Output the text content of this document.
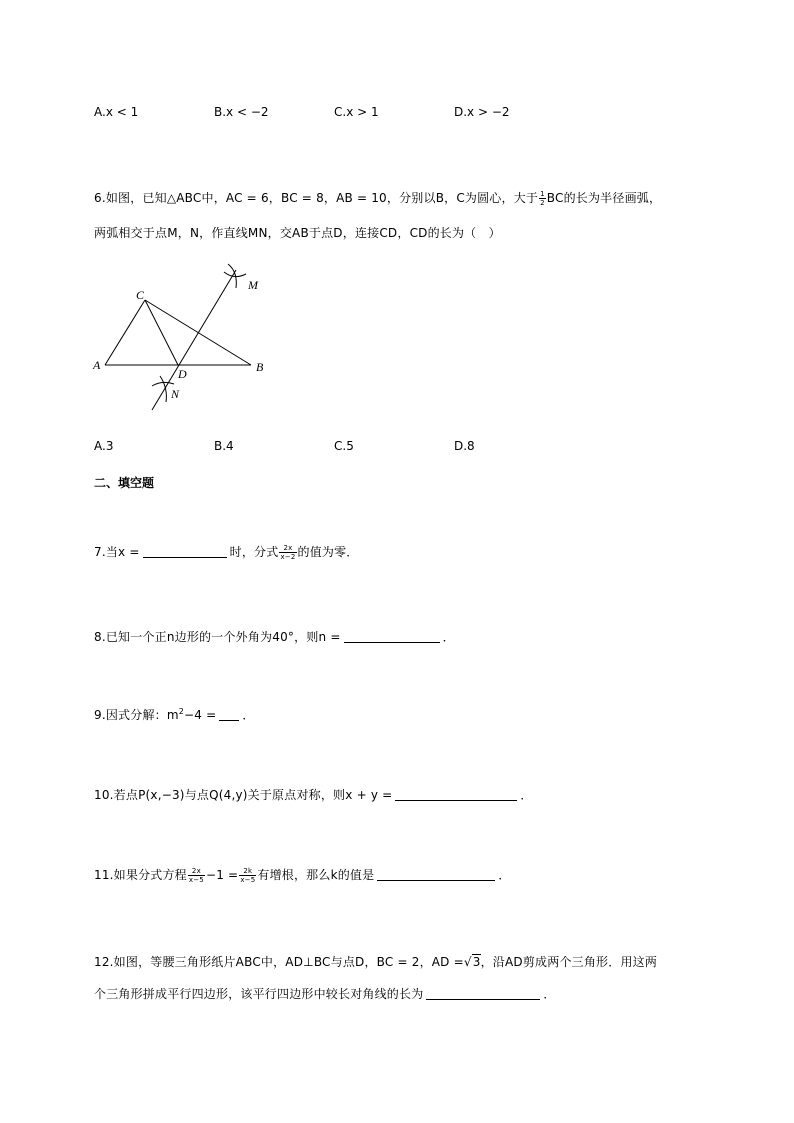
A.x < 1	B.x < −2	C.x > 1	D.x > −2
6.如图，已知△ABC中，AC = 6，BC = 8，AB = 10，分别以B，C为圆心，大于 $\frac{1}{2}$ BC的长为半径画弧，
两弧相交于点M，N，作直线MN，交AB于点D，连接CD，CD的长为（　）
C
A
D	B
M
N
A.3	B.4	C.5	D.8
二、填空题
7.当x =	时，分式 $\frac{2x}{x-2}$ 的值为零．
8.已知一个正n边形的一个外角为40°，则n =	．
9.因式分解：$m^2-4$ = ．
10.若点P(x,−3)与点Q(4,y)关于原点对称，则x + y =	．
11.如果分式方程 $\frac{2x}{x-5} -1 = \frac{2k}{x-5}$ 有增根，那么k的值是	．
12.如图，等腰三角形纸片ABC中，AD⊥BC与点D，BC = 2，AD =√3，沿AD剪成两个三角形．用这两
个三角形拼成平行四边形，该平行四边形中较长对角线的长为	．
